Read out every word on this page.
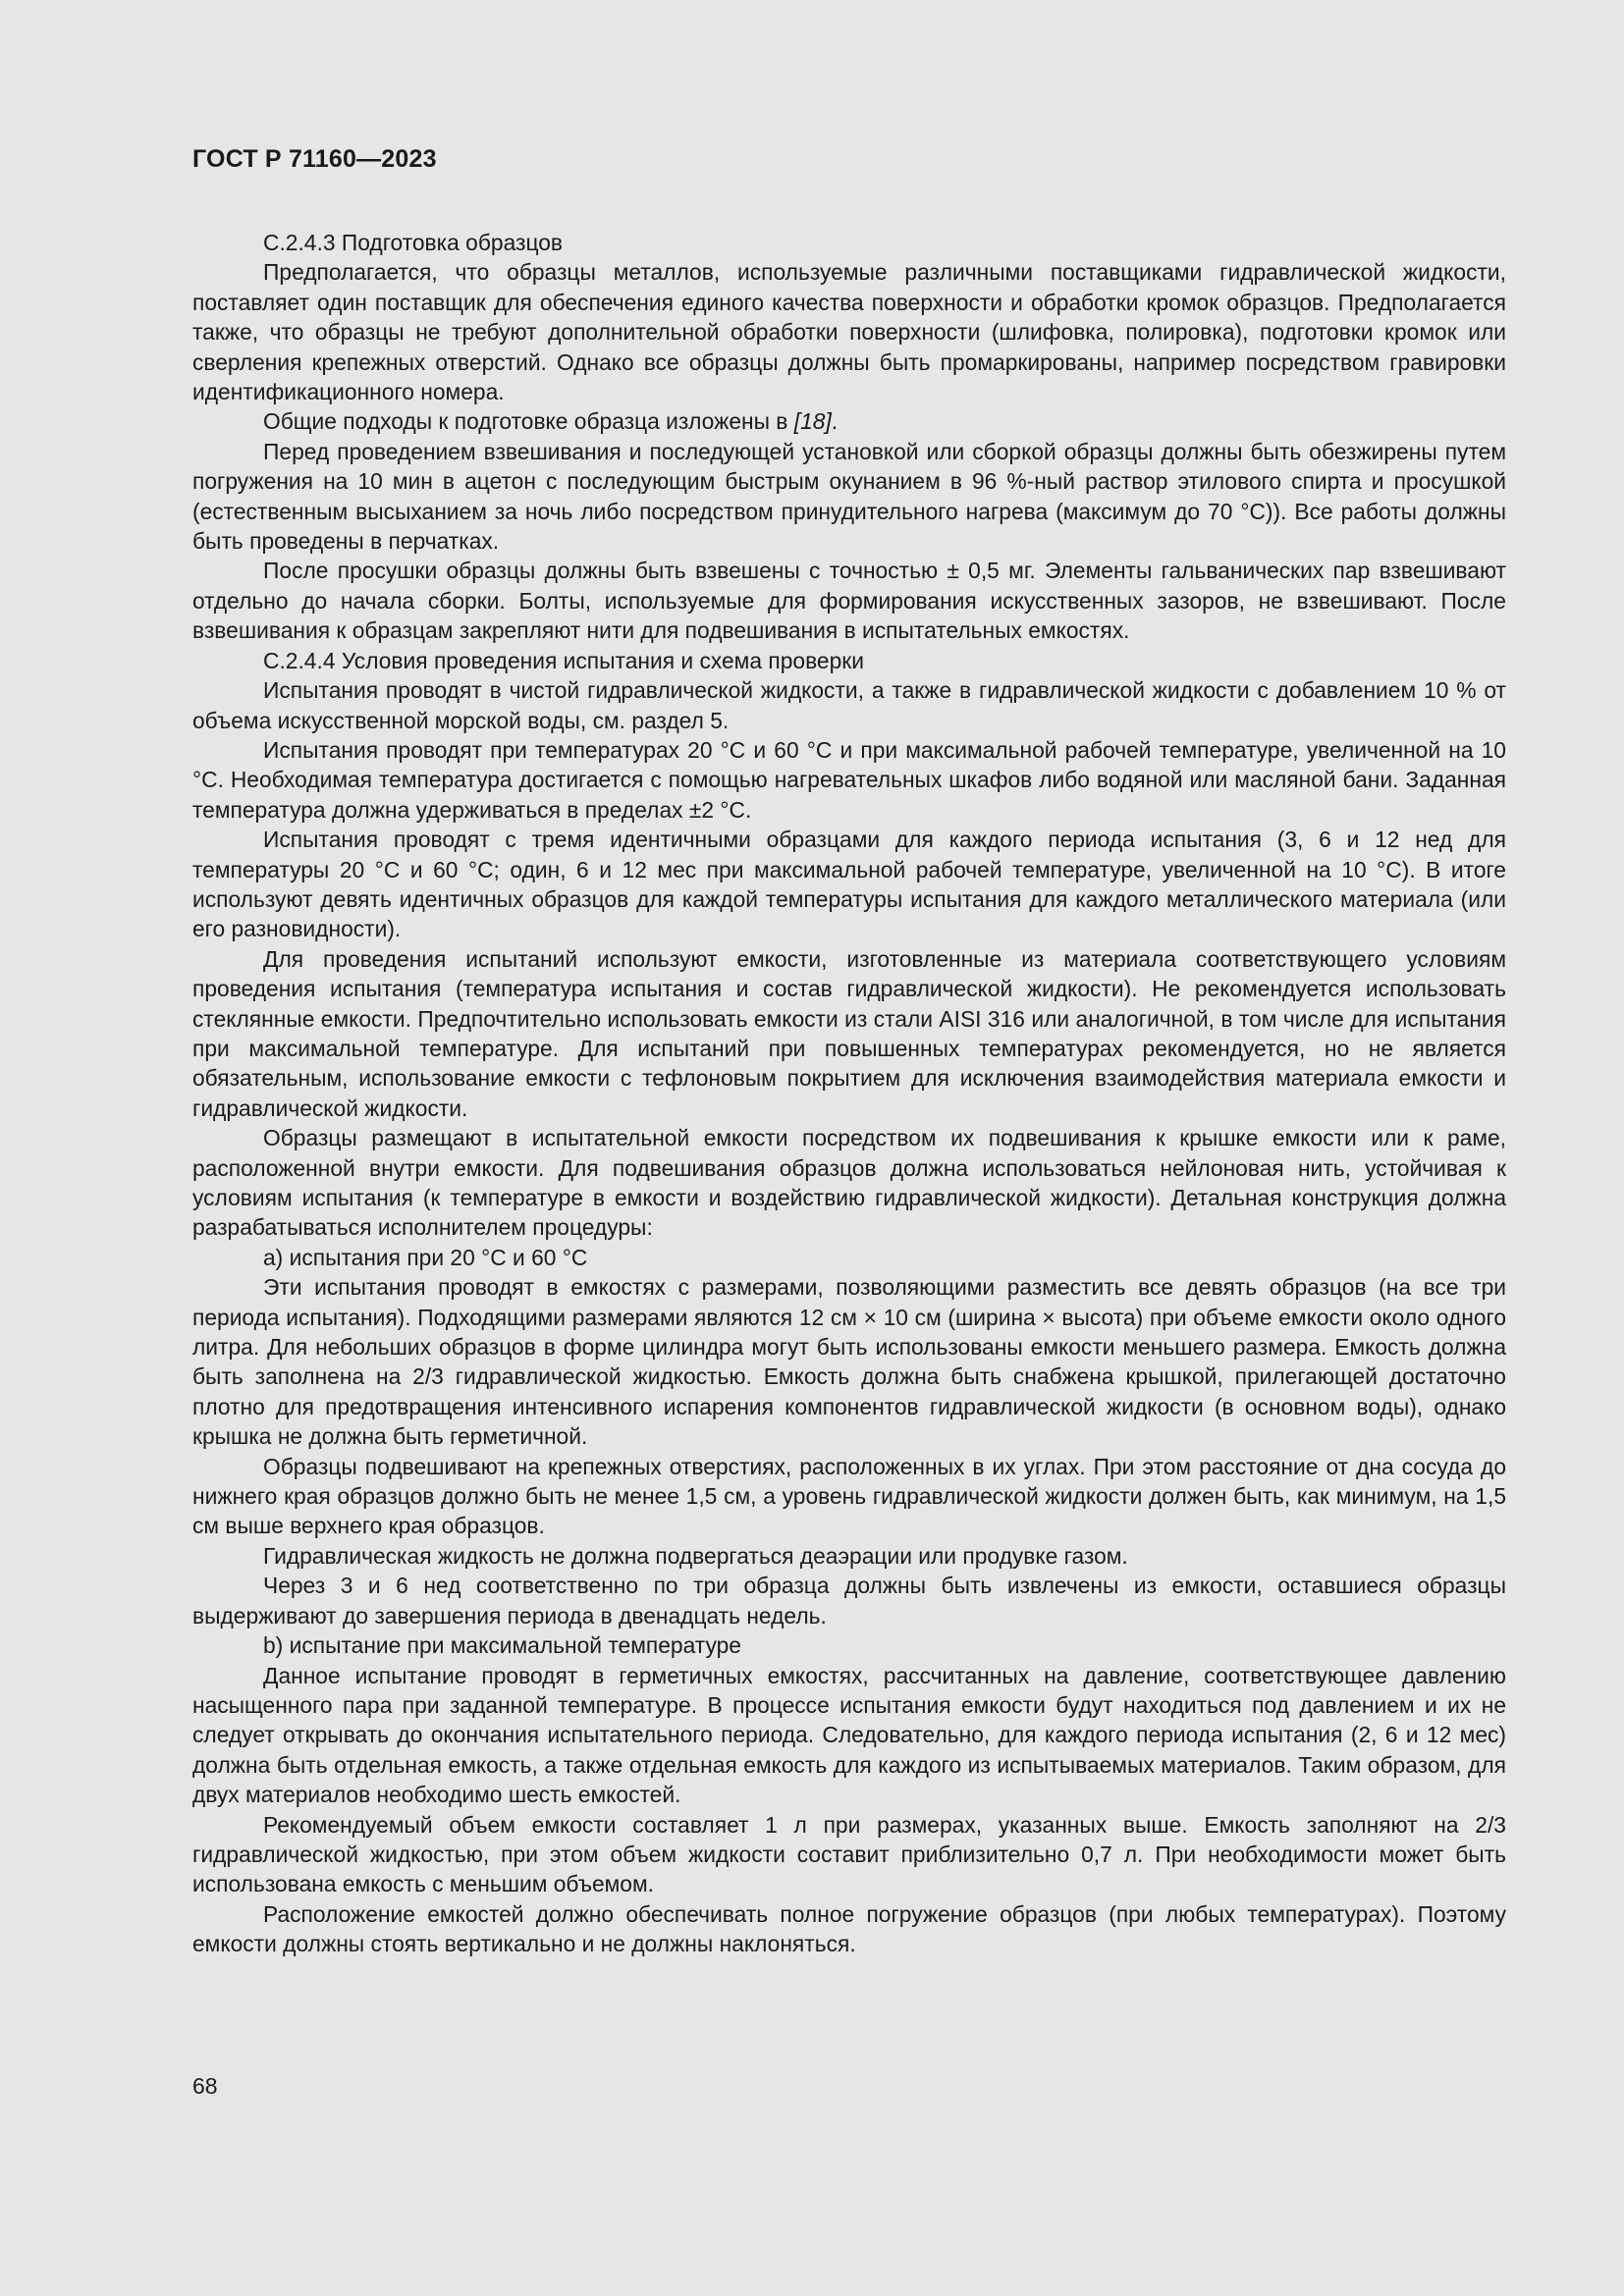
ГОСТ Р 71160—2023

С.2.4.3 Подготовка образцов

Предполагается, что образцы металлов, используемые различными поставщиками гидравлической жидкости, поставляет один поставщик для обеспечения единого качества поверхности и обработки кромок образцов. Предполагается также, что образцы не требуют дополнительной обработки поверхности (шлифовка, полировка), подготовки кромок или сверления крепежных отверстий. Однако все образцы должны быть промаркированы, например посредством гравировки идентификационного номера.

Общие подходы к подготовке образца изложены в [18].

Перед проведением взвешивания и последующей установкой или сборкой образцы должны быть обезжирены путем погружения на 10 мин в ацетон с последующим быстрым окунанием в 96 %-ный раствор этилового спирта и просушкой (естественным высыханием за ночь либо посредством принудительного нагрева (максимум до 70 °С)). Все работы должны быть проведены в перчатках.

После просушки образцы должны быть взвешены с точностью ± 0,5 мг. Элементы гальванических пар взвешивают отдельно до начала сборки. Болты, используемые для формирования искусственных зазоров, не взвешивают. После взвешивания к образцам закрепляют нити для подвешивания в испытательных емкостях.

С.2.4.4 Условия проведения испытания и схема проверки

Испытания проводят в чистой гидравлической жидкости, а также в гидравлической жидкости с добавлением 10 % от объема искусственной морской воды, см. раздел 5.

Испытания проводят при температурах 20 °С и 60 °С и при максимальной рабочей температуре, увеличенной на 10 °С. Необходимая температура достигается с помощью нагревательных шкафов либо водяной или масляной бани. Заданная температура должна удерживаться в пределах ±2 °С.

Испытания проводят с тремя идентичными образцами для каждого периода испытания (3, 6 и 12 нед для температуры 20 °С и 60 °С; один, 6 и 12 мес при максимальной рабочей температуре, увеличенной на 10 °С). В итоге используют девять идентичных образцов для каждой температуры испытания для каждого металлического материала (или его разновидности).

Для проведения испытаний используют емкости, изготовленные из материала соответствующего условиям проведения испытания (температура испытания и состав гидравлической жидкости). Не рекомендуется использовать стеклянные емкости. Предпочтительно использовать емкости из стали AISI 316 или аналогичной, в том числе для испытания при максимальной температуре. Для испытаний при повышенных температурах рекомендуется, но не является обязательным, использование емкости с тефлоновым покрытием для исключения взаимодействия материала емкости и гидравлической жидкости.

Образцы размещают в испытательной емкости посредством их подвешивания к крышке емкости или к раме, расположенной внутри емкости. Для подвешивания образцов должна использоваться нейлоновая нить, устойчивая к условиям испытания (к температуре в емкости и воздействию гидравлической жидкости). Детальная конструкция должна разрабатываться исполнителем процедуры:

a) испытания при 20 °С и 60 °С

Эти испытания проводят в емкостях с размерами, позволяющими разместить все девять образцов (на все три периода испытания). Подходящими размерами являются 12 см × 10 см (ширина × высота) при объеме емкости около одного литра. Для небольших образцов в форме цилиндра могут быть использованы емкости меньшего размера. Емкость должна быть заполнена на 2/3 гидравлической жидкостью. Емкость должна быть снабжена крышкой, прилегающей достаточно плотно для предотвращения интенсивного испарения компонентов гидравлической жидкости (в основном воды), однако крышка не должна быть герметичной.

Образцы подвешивают на крепежных отверстиях, расположенных в их углах. При этом расстояние от дна сосуда до нижнего края образцов должно быть не менее 1,5 см, а уровень гидравлической жидкости должен быть, как минимум, на 1,5 см выше верхнего края образцов.

Гидравлическая жидкость не должна подвергаться деаэрации или продувке газом.

Через 3 и 6 нед соответственно по три образца должны быть извлечены из емкости, оставшиеся образцы выдерживают до завершения периода в двенадцать недель.

b) испытание при максимальной температуре

Данное испытание проводят в герметичных емкостях, рассчитанных на давление, соответствующее давлению насыщенного пара при заданной температуре. В процессе испытания емкости будут находиться под давлением и их не следует открывать до окончания испытательного периода. Следовательно, для каждого периода испытания (2, 6 и 12 мес) должна быть отдельная емкость, а также отдельная емкость для каждого из испытываемых материалов. Таким образом, для двух материалов необходимо шесть емкостей.

Рекомендуемый объем емкости составляет 1 л при размерах, указанных выше. Емкость заполняют на 2/3 гидравлической жидкостью, при этом объем жидкости составит приблизительно 0,7 л. При необходимости может быть использована емкость с меньшим объемом.

Расположение емкостей должно обеспечивать полное погружение образцов (при любых температурах). Поэтому емкости должны стоять вертикально и не должны наклоняться.

68
